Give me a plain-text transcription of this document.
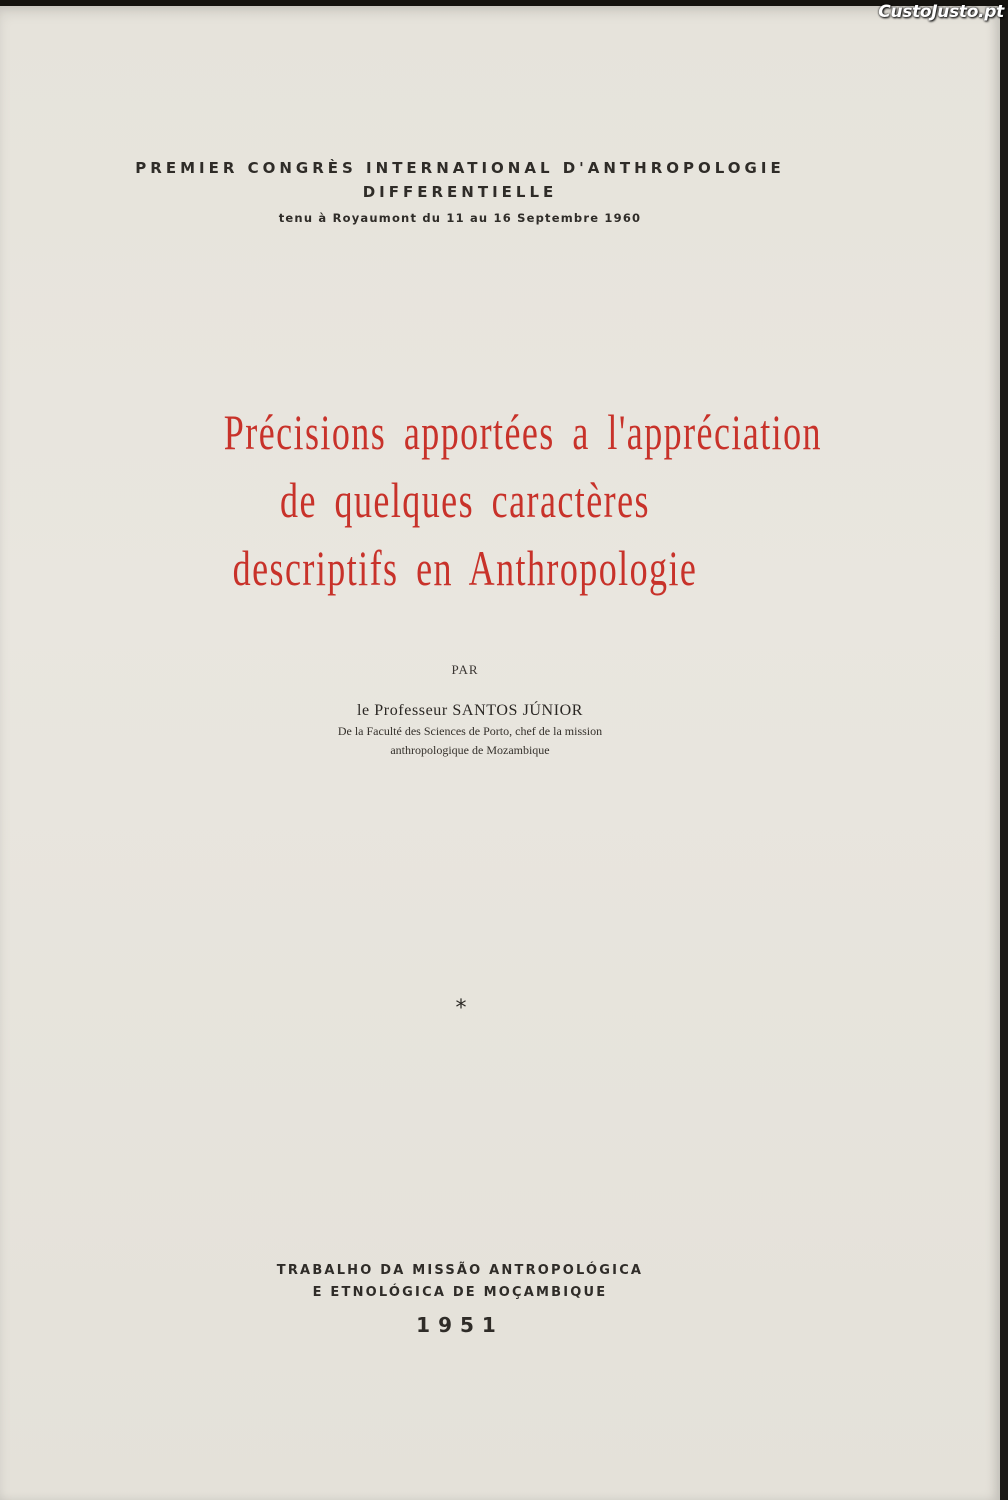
PREMIER CONGRÈS INTERNATIONAL D'ANTHROPOLOGIE
DIFFERENTIELLE
tenu à Royaumont du 11 au 16 Septembre 1960
Précisions apportées a l'appréciation
de quelques caractères
descriptifs en Anthropologie
PAR
le Professeur SANTOS JÚNIOR
De la Faculté des Sciences de Porto, chef de la mission
anthropologique de Mozambique
*
TRABALHO DA MISSÃO ANTROPOLÓGICA
E ETNOLÓGICA DE MOÇAMBIQUE
1951
CustoJusto.pt
